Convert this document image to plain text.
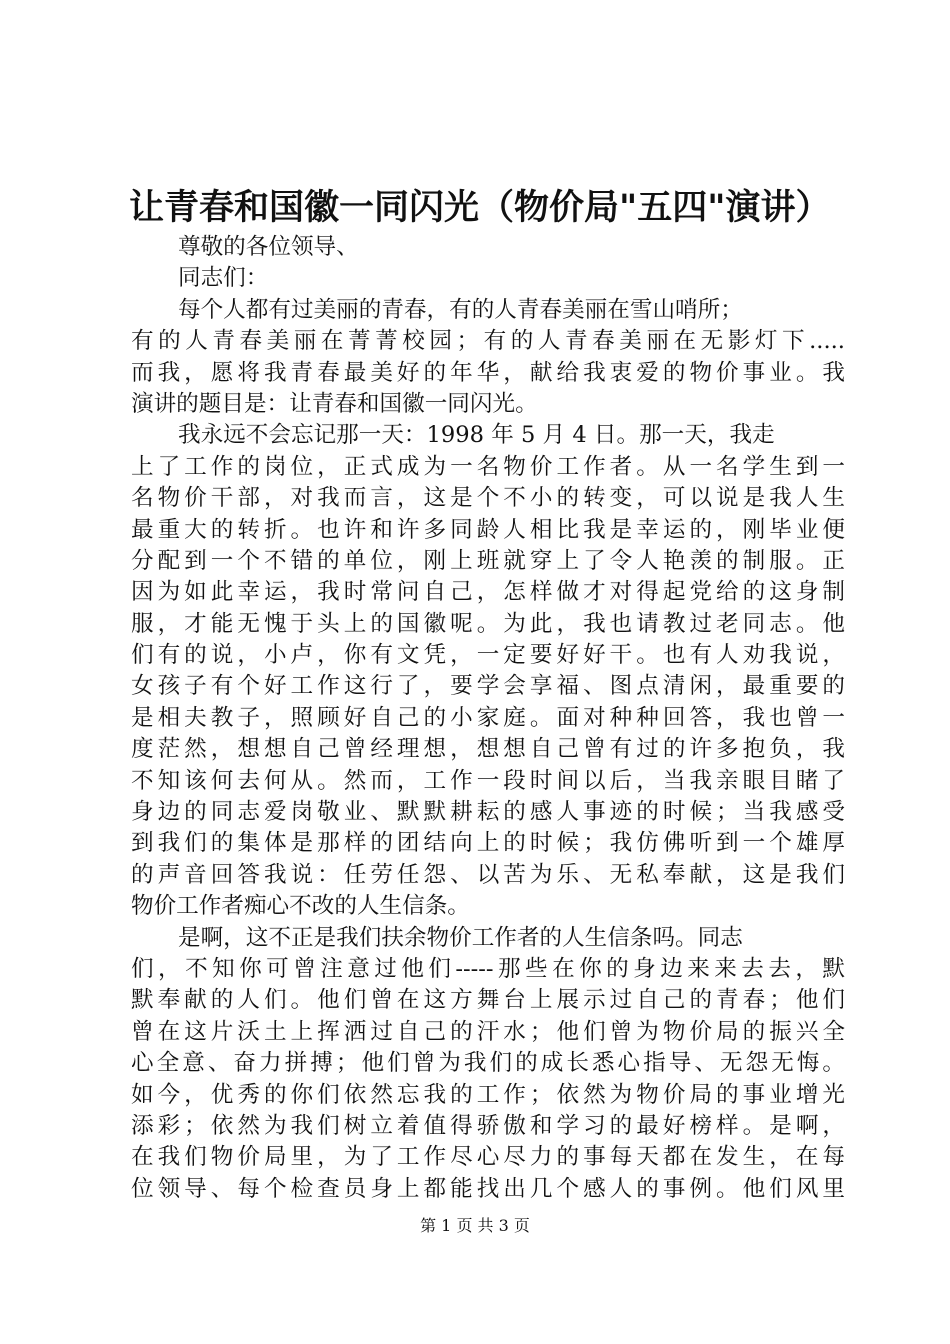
让青春和国徽一同闪光（物价局"五四"演讲）
尊敬的各位领导、
同志们：
每个人都有过美丽的青春，有的人青春美丽在雪山哨所；
有的人青春美丽在菁菁校园；有的人青春美丽在无影灯下.....
而我，愿将我青春最美好的年华，献给我衷爱的物价事业。我
演讲的题目是：让青春和国徽一同闪光。
我永远不会忘记那一天：1998 年 5 月 4 日。那一天，我走
上了工作的岗位，正式成为一名物价工作者。从一名学生到一
名物价干部，对我而言，这是个不小的转变，可以说是我人生
最重大的转折。也许和许多同龄人相比我是幸运的，刚毕业便
分配到一个不错的单位，刚上班就穿上了令人艳羡的制服。正
因为如此幸运，我时常问自己，怎样做才对得起党给的这身制
服，才能无愧于头上的国徽呢。为此，我也请教过老同志。他
们有的说，小卢，你有文凭，一定要好好干。也有人劝我说，
女孩子有个好工作这行了，要学会享福、图点清闲，最重要的
是相夫教子，照顾好自己的小家庭。面对种种回答，我也曾一
度茫然，想想自己曾经理想，想想自己曾有过的许多抱负，我
不知该何去何从。然而，工作一段时间以后，当我亲眼目睹了
身边的同志爱岗敬业、默默耕耘的感人事迹的时候；当我感受
到我们的集体是那样的团结向上的时候；我仿佛听到一个雄厚
的声音回答我说：任劳任怨、以苦为乐、无私奉献，这是我们
物价工作者痴心不改的人生信条。
是啊，这不正是我们扶余物价工作者的人生信条吗。同志
们，不知你可曾注意过他们-----那些在你的身边来来去去，默
默奉献的人们。他们曾在这方舞台上展示过自己的青春；他们
曾在这片沃土上挥洒过自己的汗水；他们曾为物价局的振兴全
心全意、奋力拼搏；他们曾为我们的成长悉心指导、无怨无悔。
如今，优秀的你们依然忘我的工作；依然为物价局的事业增光
添彩；依然为我们树立着值得骄傲和学习的最好榜样。是啊，
在我们物价局里，为了工作尽心尽力的事每天都在发生，在每
位领导、每个检查员身上都能找出几个感人的事例。他们风里
第 1 页 共 3 页
